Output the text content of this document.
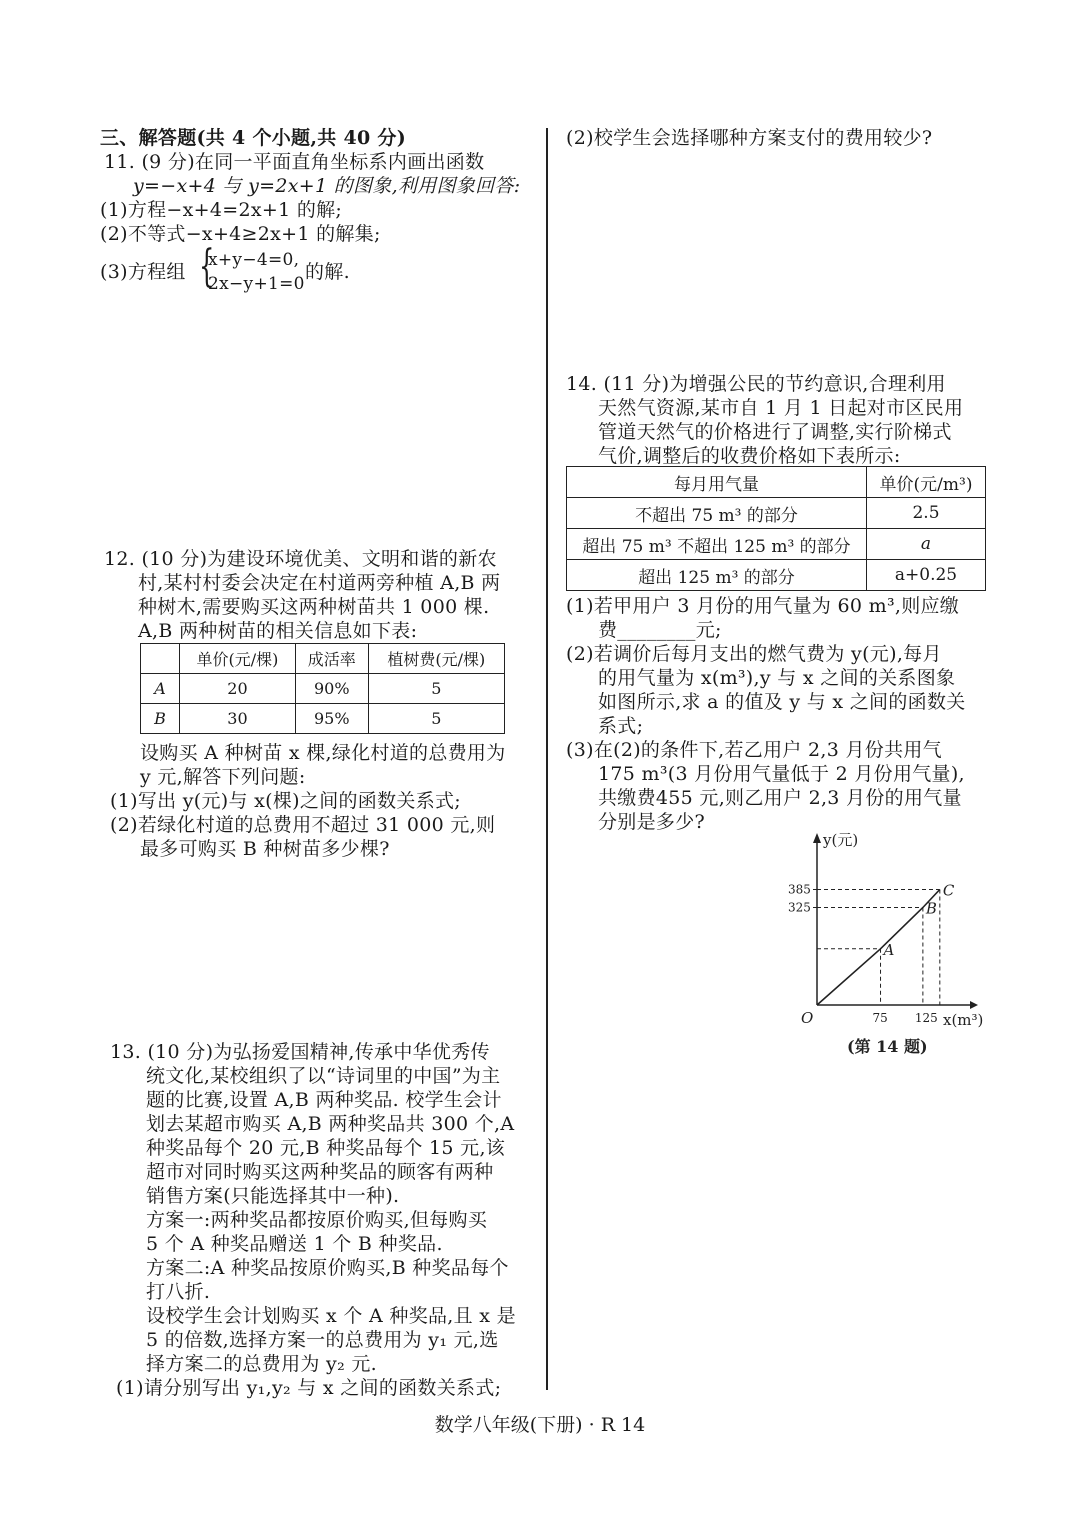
三、解答题(共 4 个小题,共 40 分)
11. (9 分)在同一平面直角坐标系内画出函数
y=−x+4 与 y=2x+1 的图象,利用图象回答:
(1)方程−x+4=2x+1 的解;
(2)不等式−x+4≥2x+1 的解集;
(3)方程组 {
x+y−4=0,
2x−y+1=0
的解.
12. (10 分)为建设环境优美、文明和谐的新农
村,某村村委会决定在村道两旁种植 A,B 两
种树木,需要购买这两种树苗共 1 000 棵.
A,B 两种树苗的相关信息如下表:
	单价(元/棵)	成活率	植树费(元/棵)
A	20	90%	5
B	30	95%	5
设购买 A 种树苗 x 棵,绿化村道的总费用为
y 元,解答下列问题:
(1)写出 y(元)与 x(棵)之间的函数关系式;
(2)若绿化村道的总费用不超过 31 000 元,则
最多可购买 B 种树苗多少棵?
13. (10 分)为弘扬爱国精神,传承中华优秀传
统文化,某校组织了以“诗词里的中国”为主
题的比赛,设置 A,B 两种奖品. 校学生会计
划去某超市购买 A,B 两种奖品共 300 个,A
种奖品每个 20 元,B 种奖品每个 15 元,该
超市对同时购买这两种奖品的顾客有两种
销售方案(只能选择其中一种).
方案一:两种奖品都按原价购买,但每购买
5 个 A 种奖品赠送 1 个 B 种奖品.
方案二:A 种奖品按原价购买,B 种奖品每个
打八折.
设校学生会计划购买 x 个 A 种奖品,且 x 是
5 的倍数,选择方案一的总费用为 y₁ 元,选
择方案二的总费用为 y₂ 元.
(1)请分别写出 y₁,y₂ 与 x 之间的函数关系式;
(2)校学生会选择哪种方案支付的费用较少?
14. (11 分)为增强公民的节约意识,合理利用
天然气资源,某市自 1 月 1 日起对市区民用
管道天然气的价格进行了调整,实行阶梯式
气价,调整后的收费价格如下表所示:
每月用气量	单价(元/m³)
不超出 75 m³ 的部分	2.5
超出 75 m³ 不超出 125 m³ 的部分	a
超出 125 m³ 的部分	a+0.25
(1)若甲用户 3 月份的用气量为 60 m³,则应缴
费________元;
(2)若调价后每月支出的燃气费为 y(元),每月
的用气量为 x(m³),y 与 x 之间的关系图象
如图所示,求 a 的值及 y 与 x 之间的函数关
系式;
(3)在(2)的条件下,若乙用户 2,3 月份共用气
175 m³(3 月份用气量低于 2 月份用气量),
共缴费455 元,则乙用户 2,3 月份的用气量
分别是多少?
A
B
C
75 125
325
385
y(元)
x(m³)
O
(第 14 题)
数学八年级(下册) · R 14
